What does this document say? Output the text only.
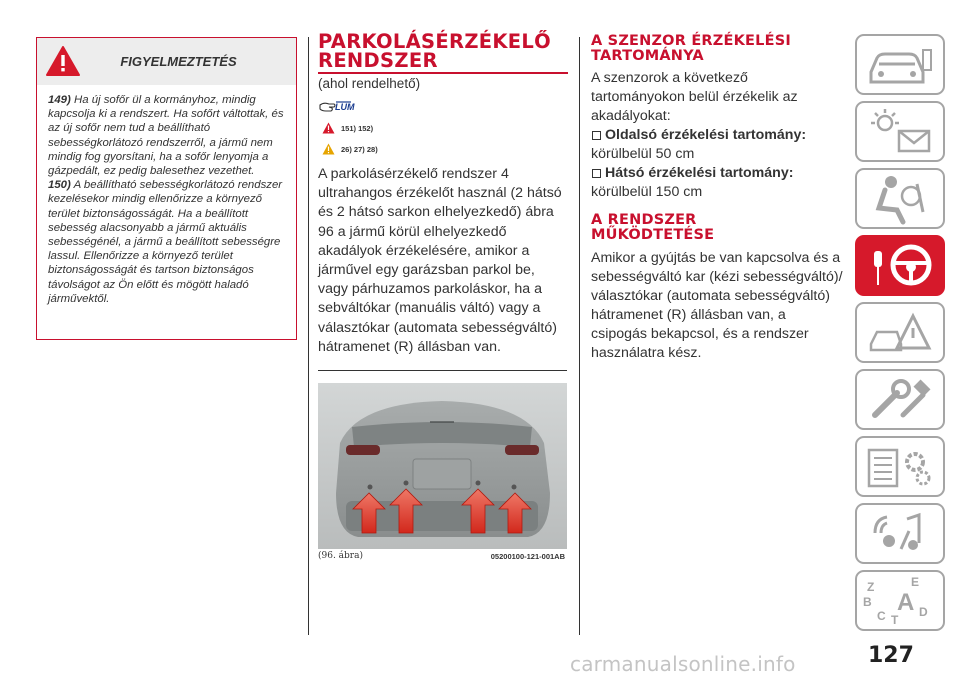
FIGYELMEZTETÉS

149) Ha új sofőr ül a kormányhoz, mindig kapcsolja ki a rendszert. Ha sofőrt váltottak, és az új sofőr nem tud a beállítható sebességkorlátozó rendszerről, a jármű nem mindig fog gyorsítani, ha a sofőr lenyomja a gázpedált, ez pedig balesethez vezethet.

150) A beállítható sebességkorlátozó rendszer kezelésekor mindig ellenőrizze a környező terület biztonságosságát. Ha a beállított sebesség alacsonyabb a jármű aktuális sebességénél, a jármű a beállított sebességre lassul. Ellenőrizze a környező terület biztonságosságát és tartson biztonságos távolságot az Ön előtt és mögött haladó járművektől.

PARKOLÁSÉRZÉKELŐ
RENDSZER
(ahol rendelhető)
LUM
151) 152)
26) 27) 28)
A parkolásérzékelő rendszer 4 ultrahangos érzékelőt használ (2 hátsó és 2 hátsó sarkon elhelyezkedő) ábra 96 a jármű körül elhelyezkedő akadályok érzékelésére, amikor a járművel egy garázsban parkol be, vagy párhuzamos parkoláskor, ha a sebváltókar (manuális váltó) vagy a választókar (automata sebességváltó) hátramenet (R) állásban van.
▬▬▬▬
(96. ábra)	05200100-121-001AB
A SZENZOR ÉRZÉKELÉSI
TARTOMÁNYA
A szenzorok a következő tartományokon belül érzékelik az akadályokat:
Oldalsó érzékelési tartomány:
körülbelül 50 cm
Hátsó érzékelési tartomány:
körülbelül 150 cm
A RENDSZER
MŰKÖDTETÉSE
Amikor a gyújtás be van kapcsolva és a sebességváltó kar (kézi sebességváltó)/ választókar (automata sebességváltó) hátramenet (R) állásban van, a csipogás bekapcsol, és a rendszer használatra kész.
Z	E
B A
C T
D
127
carmanualsonline.info
